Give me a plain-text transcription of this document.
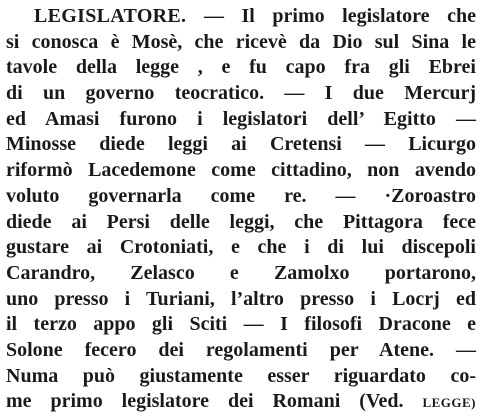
LEGISLATORE. — Il primo legislatore che
si conosca è Mosè, che ricevè da Dio sul Sina le
tavole della legge , e fu capo fra gli Ebrei
di un governo teocratico. — I due Mercurj
ed Amasi furono i legislatori dell’ Egitto —
Minosse diede leggi ai Cretensi — Licurgo
riformò Lacedemone come cittadino, non avendo
voluto governarla come re. — ·Zoroastro
diede ai Persi delle leggi, che Pittagora fece
gustare ai Crotoniati, e che i di lui discepoli
Carandro, Zelasco e Zamolxo portarono,
uno presso i Turiani, l’altro presso i Locrj ed
il terzo appo gli Sciti — I filosofi Dracone e
Solone fecero dei regolamenti per Atene. —
Numa può giustamente esser riguardato co-
me primo legislatore dei Romani (Ved. LEGGE)
